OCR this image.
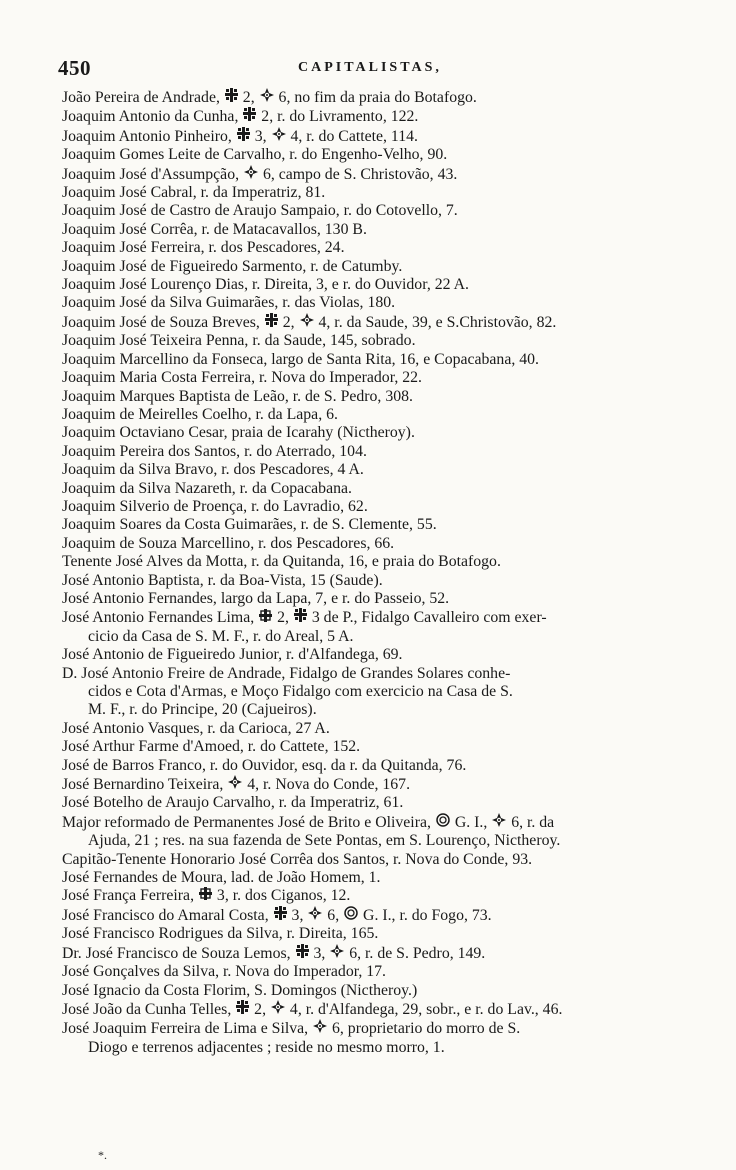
450	CAPITALISTAS,
João Pereira de Andrade,  2,  6, no fim da praia do Botafogo.
Joaquim Antonio da Cunha,  2, r. do Livramento, 122.
Joaquim Antonio Pinheiro,  3,  4, r. do Cattete, 114.
Joaquim Gomes Leite de Carvalho, r. do Engenho-Velho, 90.
Joaquim José d'Assumpção,  6, campo de S. Christovão, 43.
Joaquim José Cabral, r. da Imperatriz, 81.
Joaquim José de Castro de Araujo Sampaio, r. do Cotovello, 7.
Joaquim José Corrêa, r. de Matacavallos, 130 B.
Joaquim José Ferreira, r. dos Pescadores, 24.
Joaquim José de Figueiredo Sarmento, r. de Catumby.
Joaquim José Lourenço Dias, r. Direita, 3, e r. do Ouvidor, 22 A.
Joaquim José da Silva Guimarães, r. das Violas, 180.
Joaquim José de Souza Breves,  2,  4, r. da Saude, 39, e S.Christovão, 82.
Joaquim José Teixeira Penna, r. da Saude, 145, sobrado.
Joaquim Marcellino da Fonseca, largo de Santa Rita, 16, e Copacabana, 40.
Joaquim Maria Costa Ferreira, r. Nova do Imperador, 22.
Joaquim Marques Baptista de Leão, r. de S. Pedro, 308.
Joaquim de Meirelles Coelho, r. da Lapa, 6.
Joaquim Octaviano Cesar, praia de Icarahy (Nictheroy).
Joaquim Pereira dos Santos, r. do Aterrado, 104.
Joaquim da Silva Bravo, r. dos Pescadores, 4 A.
Joaquim da Silva Nazareth, r. da Copacabana.
Joaquim Silverio de Proença, r. do Lavradio, 62.
Joaquim Soares da Costa Guimarães, r. de S. Clemente, 55.
Joaquim de Souza Marcellino, r. dos Pescadores, 66.
Tenente José Alves da Motta, r. da Quitanda, 16, e praia do Botafogo.
José Antonio Baptista, r. da Boa-Vista, 15 (Saude).
José Antonio Fernandes, largo da Lapa, 7, e r. do Passeio, 52.
José Antonio Fernandes Lima,  2,  3 de P., Fidalgo Cavalleiro com exer-
cicio da Casa de S. M. F., r. do Areal, 5 A.
José Antonio de Figueiredo Junior, r. d'Alfandega, 69.
D. José Antonio Freire de Andrade, Fidalgo de Grandes Solares conhe-
cidos e Cota d'Armas, e Moço Fidalgo com exercicio na Casa de S.
M. F., r. do Principe, 20 (Cajueiros).
José Antonio Vasques, r. da Carioca, 27 A.
José Arthur Farme d'Amoed, r. do Cattete, 152.
José de Barros Franco, r. do Ouvidor, esq. da r. da Quitanda, 76.
José Bernardino Teixeira,  4, r. Nova do Conde, 167.
José Botelho de Araujo Carvalho, r. da Imperatriz, 61.
Major reformado de Permanentes José de Brito e Oliveira,  G. I.,  6, r. da
Ajuda, 21 ; res. na sua fazenda de Sete Pontas, em S. Lourenço, Nictheroy.
Capitão-Tenente Honorario José Corrêa dos Santos, r. Nova do Conde, 93.
José Fernandes de Moura, lad. de João Homem, 1.
José França Ferreira,  3, r. dos Ciganos, 12.
José Francisco do Amaral Costa,  3,  6,  G. I., r. do Fogo, 73.
José Francisco Rodrigues da Silva, r. Direita, 165.
Dr. José Francisco de Souza Lemos,  3,  6, r. de S. Pedro, 149.
José Gonçalves da Silva, r. Nova do Imperador, 17.
José Ignacio da Costa Florim, S. Domingos (Nictheroy.)
José João da Cunha Telles,  2,  4, r. d'Alfandega, 29, sobr., e r. do Lav., 46.
José Joaquim Ferreira de Lima e Silva,  6, proprietario do morro de S.
Diogo e terrenos adjacentes ; reside no mesmo morro, 1.
*.
